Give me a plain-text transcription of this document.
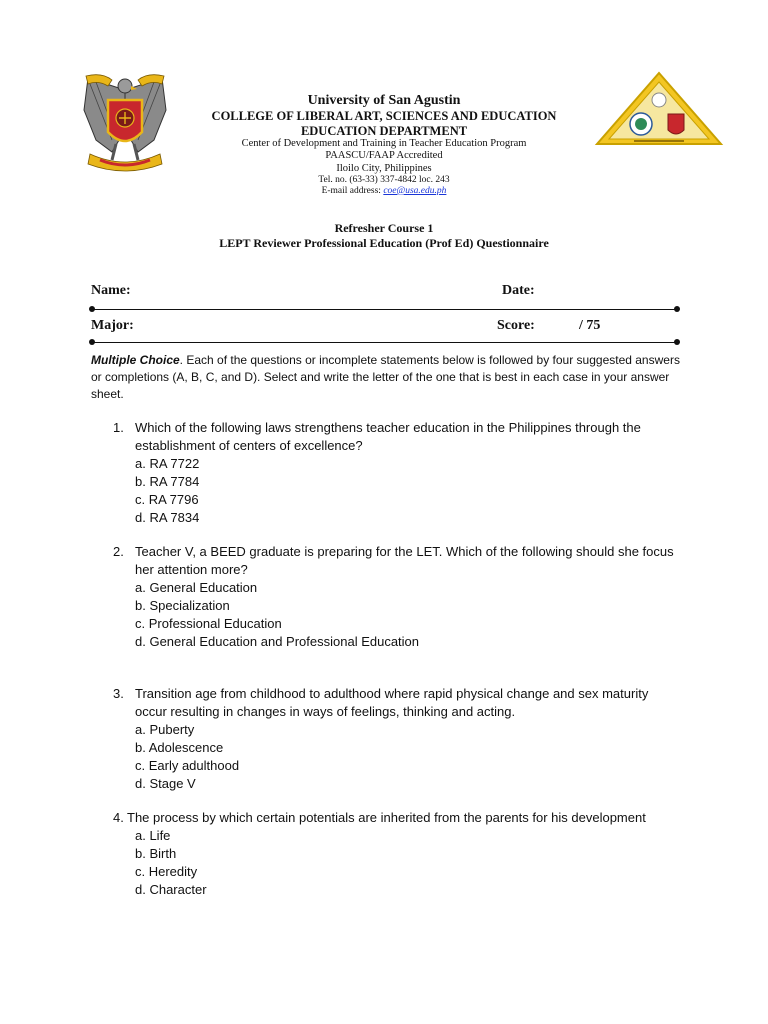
University of San Agustin
COLLEGE OF LIBERAL ART, SCIENCES AND EDUCATION
EDUCATION DEPARTMENT
Center of Development and Training in Teacher Education Program
PAASCU/FAAP Accredited
Iloilo City, Philippines
Tel. no. (63-33) 337-4842 loc. 243
E-mail address: coe@usa.edu.ph
Refresher Course 1
LEPT Reviewer Professional Education (Prof Ed) Questionnaire
Name:	Date:
Major:	Score:	/ 75
Multiple Choice. Each of the questions or incomplete statements below is followed by four suggested answers or completions (A, B, C, and D). Select and write the letter of the one that is best in each case in your answer sheet.
1. Which of the following laws strengthens teacher education in the Philippines through the establishment of centers of excellence?
a. RA 7722
b. RA 7784
c. RA 7796
d. RA 7834
2. Teacher V, a BEED graduate is preparing for the LET. Which of the following should she focus her attention more?
a. General Education
b. Specialization
c. Professional Education
d. General Education and Professional Education
3. Transition age from childhood to adulthood where rapid physical change and sex maturity occur resulting in changes in ways of feelings, thinking and acting.
a. Puberty
b. Adolescence
c. Early adulthood
d. Stage V
4. The process by which certain potentials are inherited from the parents for his development
a. Life
b. Birth
c. Heredity
d. Character
